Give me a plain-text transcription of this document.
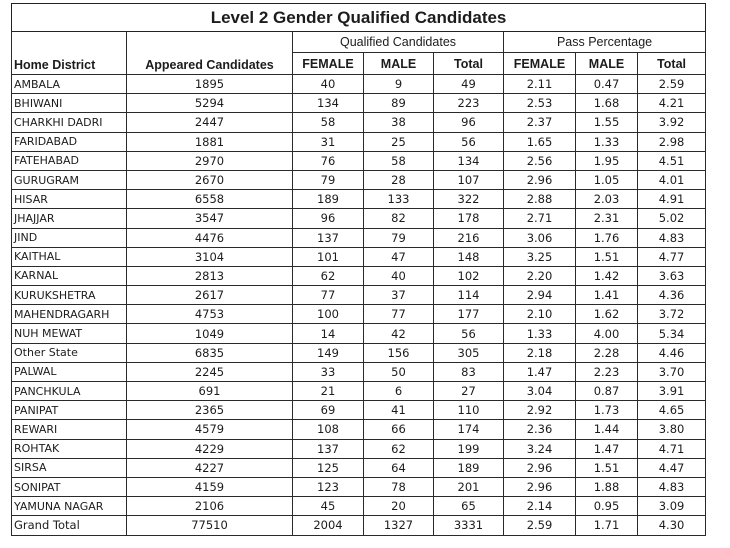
Level 2 Gender Qualified Candidates							
Home District	Appeared Candidates	Qualified Candidates			Pass Percentage		
		FEMALE	MALE	Total	FEMALE	MALE	Total
AMBALA	1895	40	9	49	2.11	0.47	2.59
BHIWANI	5294	134	89	223	2.53	1.68	4.21
CHARKHI DADRI	2447	58	38	96	2.37	1.55	3.92
FARIDABAD	1881	31	25	56	1.65	1.33	2.98
FATEHABAD	2970	76	58	134	2.56	1.95	4.51
GURUGRAM	2670	79	28	107	2.96	1.05	4.01
HISAR	6558	189	133	322	2.88	2.03	4.91
JHAJJAR	3547	96	82	178	2.71	2.31	5.02
JIND	4476	137	79	216	3.06	1.76	4.83
KAITHAL	3104	101	47	148	3.25	1.51	4.77
KARNAL	2813	62	40	102	2.20	1.42	3.63
KURUKSHETRA	2617	77	37	114	2.94	1.41	4.36
MAHENDRAGARH	4753	100	77	177	2.10	1.62	3.72
NUH MEWAT	1049	14	42	56	1.33	4.00	5.34
Other State	6835	149	156	305	2.18	2.28	4.46
PALWAL	2245	33	50	83	1.47	2.23	3.70
PANCHKULA	691	21	6	27	3.04	0.87	3.91
PANIPAT	2365	69	41	110	2.92	1.73	4.65
REWARI	4579	108	66	174	2.36	1.44	3.80
ROHTAK	4229	137	62	199	3.24	1.47	4.71
SIRSA	4227	125	64	189	2.96	1.51	4.47
SONIPAT	4159	123	78	201	2.96	1.88	4.83
YAMUNA NAGAR	2106	45	20	65	2.14	0.95	3.09
Grand Total	77510	2004	1327	3331	2.59	1.71	4.30
